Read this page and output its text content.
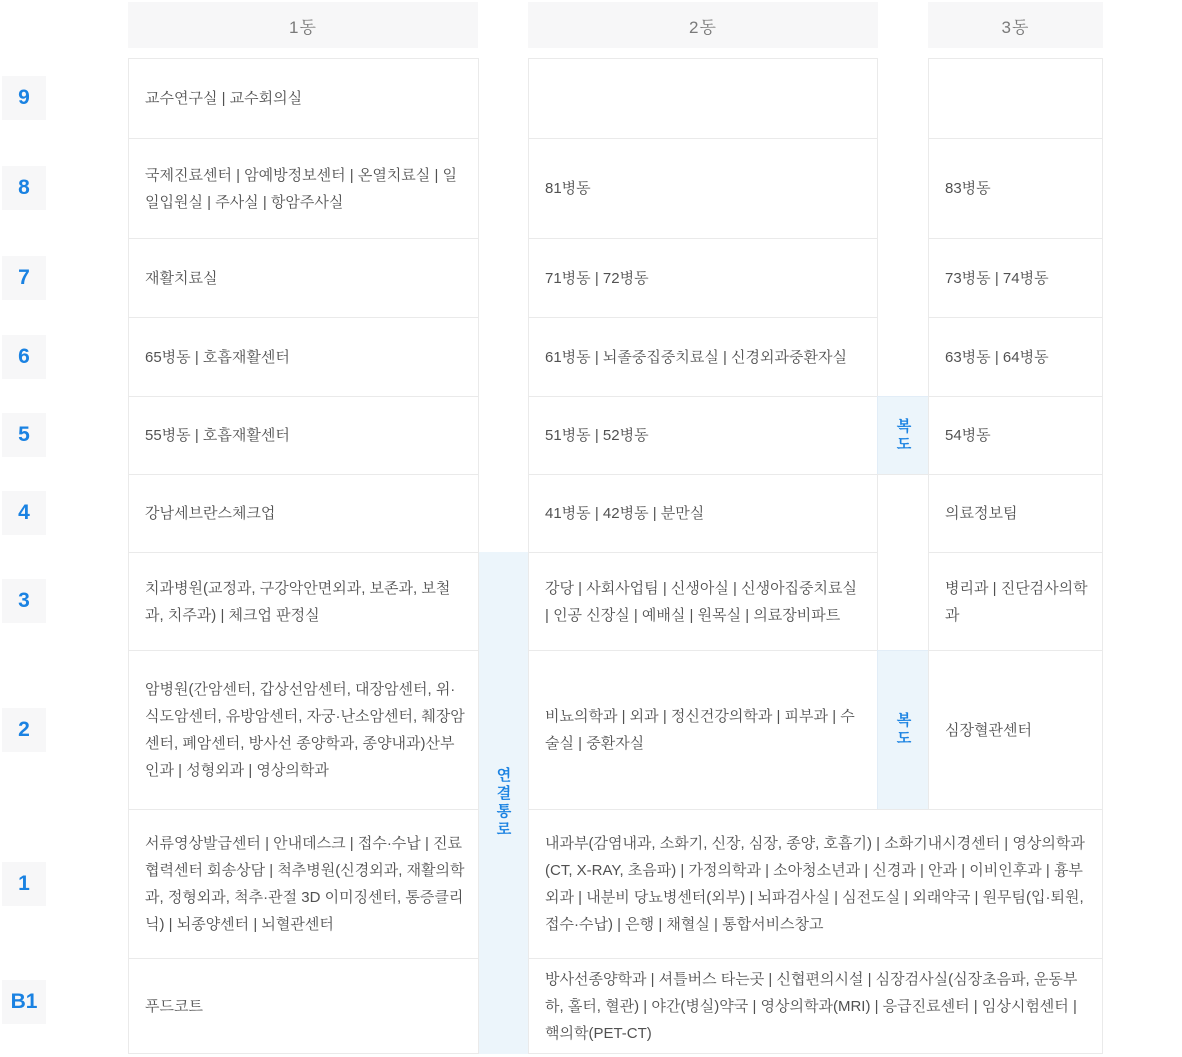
연결통로
1동	2동	3동
9
8
7
6
5
4
3
2
1
B1
교수연구실 | 교수회의실
국제진료센터 | 암예방정보센터 | 온열치료실 | 일일입원실 | 주사실 | 항암주사실
재활치료실
65병동 | 호흡재활센터
55병동 | 호흡재활센터
강남세브란스체크업
치과병원(교정과, 구강악안면외과, 보존과, 보철과, 치주과) | 체크업 판정실
암병원(간암센터, 갑상선암센터, 대장암센터, 위·식도암센터, 유방암센터, 자궁·난소암센터, 췌장암센터, 폐암센터, 방사선 종양학과, 종양내과)산부인과 | 성형외과 | 영상의학과
서류영상발급센터 | 안내데스크 | 접수·수납 | 진료협력센터 회송상담 | 척추병원(신경외과, 재활의학과, 정형외과, 척추·관절 3D 이미징센터, 통증클리닉) | 뇌종양센터 | 뇌혈관센터
푸드코트
81병동
71병동 | 72병동
61병동 | 뇌졸중집중치료실 | 신경외과중환자실
51병동 | 52병동
41병동 | 42병동 | 분만실
강당 | 사회사업팀 | 신생아실 | 신생아집중치료실 | 인공 신장실 | 예배실 | 원목실 | 의료장비파트
비뇨의학과 | 외과 | 정신건강의학과 | 피부과 | 수술실 | 중환자실
복도
복도
83병동
73병동 | 74병동
63병동 | 64병동
54병동
의료정보팀
병리과 | 진단검사의학과
심장혈관센터
내과부(감염내과, 소화기, 신장, 심장, 종양, 호흡기) | 소화기내시경센터 | 영상의학과(CT, X-RAY, 초음파) | 가정의학과 | 소아청소년과 | 신경과 | 안과 | 이비인후과 | 흉부외과 | 내분비 당뇨병센터(외부) | 뇌파검사실 | 심전도실 | 외래약국 | 원무팀(입·퇴원, 접수·수납) | 은행 | 채혈실 | 통합서비스창고
방사선종양학과 | 셔틀버스 타는곳 | 신협편의시설 | 심장검사실(심장초음파, 운동부하, 홀터, 혈관) | 야간(병실)약국 | 영상의학과(MRI) | 응급진료센터 | 임상시험센터 | 핵의학(PET-CT)
